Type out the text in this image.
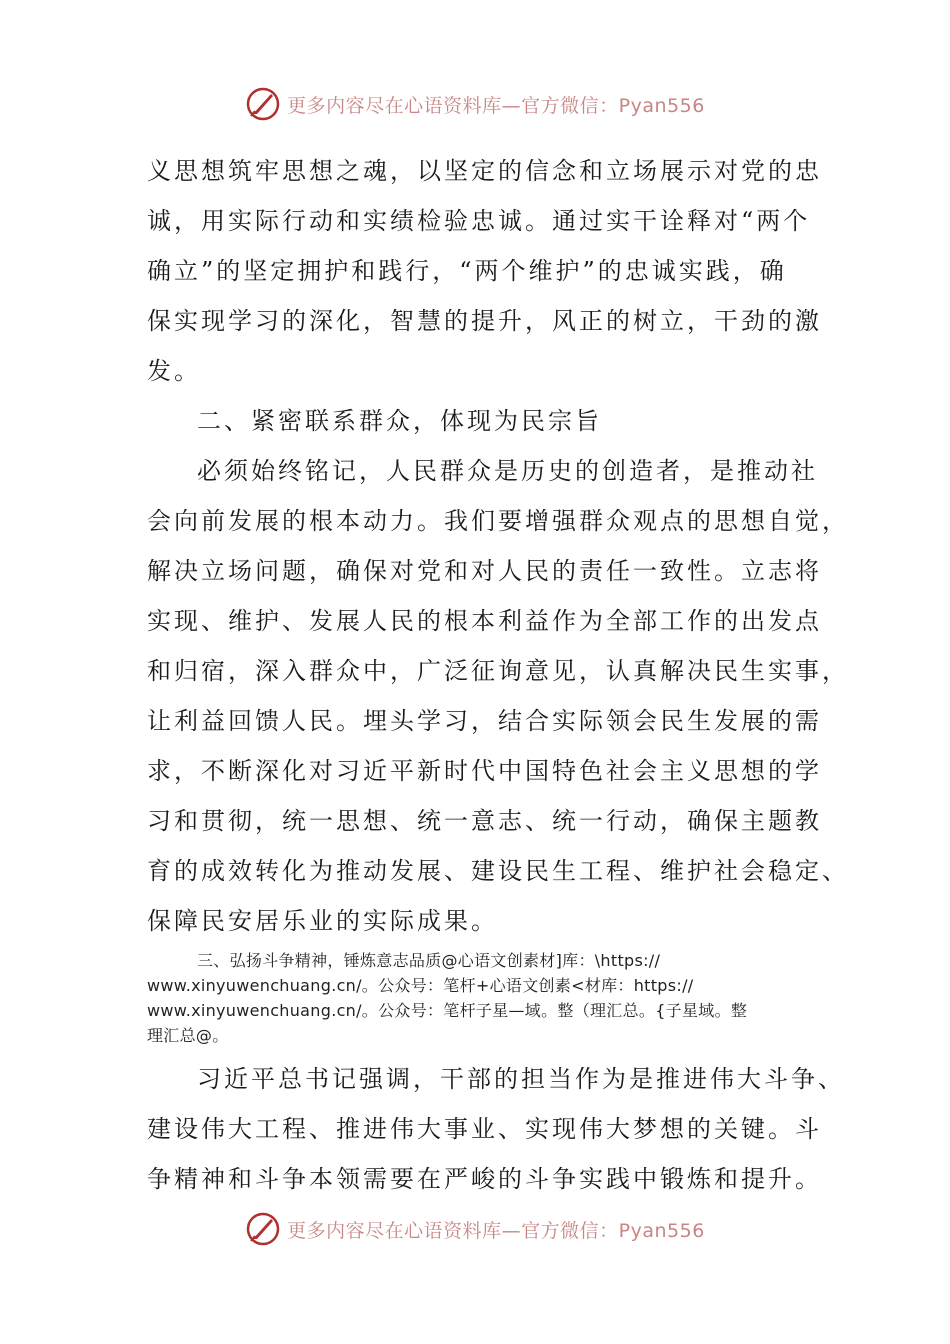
更多内容尽在心语资料库—官方微信：Pyan556
义思想筑牢思想之魂，以坚定的信念和立场展示对党的忠
诚，用实际行动和实绩检验忠诚。通过实干诠释对“两个
确立”的坚定拥护和践行，“两个维护”的忠诚实践，确
保实现学习的深化，智慧的提升，风正的树立，干劲的激
发。
二、紧密联系群众，体现为民宗旨
必须始终铭记，人民群众是历史的创造者，是推动社
会向前发展的根本动力。我们要增强群众观点的思想自觉，
解决立场问题，确保对党和对人民的责任一致性。立志将
实现、维护、发展人民的根本利益作为全部工作的出发点
和归宿，深入群众中，广泛征询意见，认真解决民生实事，
让利益回馈人民。埋头学习，结合实际领会民生发展的需
求，不断深化对习近平新时代中国特色社会主义思想的学
习和贯彻，统一思想、统一意志、统一行动，确保主题教
育的成效转化为推动发展、建设民生工程、维护社会稳定、
保障民安居乐业的实际成果。
三、弘扬斗争精神，锤炼意志品质@心语文创素材]库：\https://
www.xinyuwenchuang.cn/。公众号：笔杆+心语文创素<材库：https://
www.xinyuwenchuang.cn/。公众号：笔杆子星—域。整（理汇总。{子星域。整
理汇总@。
习近平总书记强调，干部的担当作为是推进伟大斗争、
建设伟大工程、推进伟大事业、实现伟大梦想的关键。斗
争精神和斗争本领需要在严峻的斗争实践中锻炼和提升。
更多内容尽在心语资料库—官方微信：Pyan556
